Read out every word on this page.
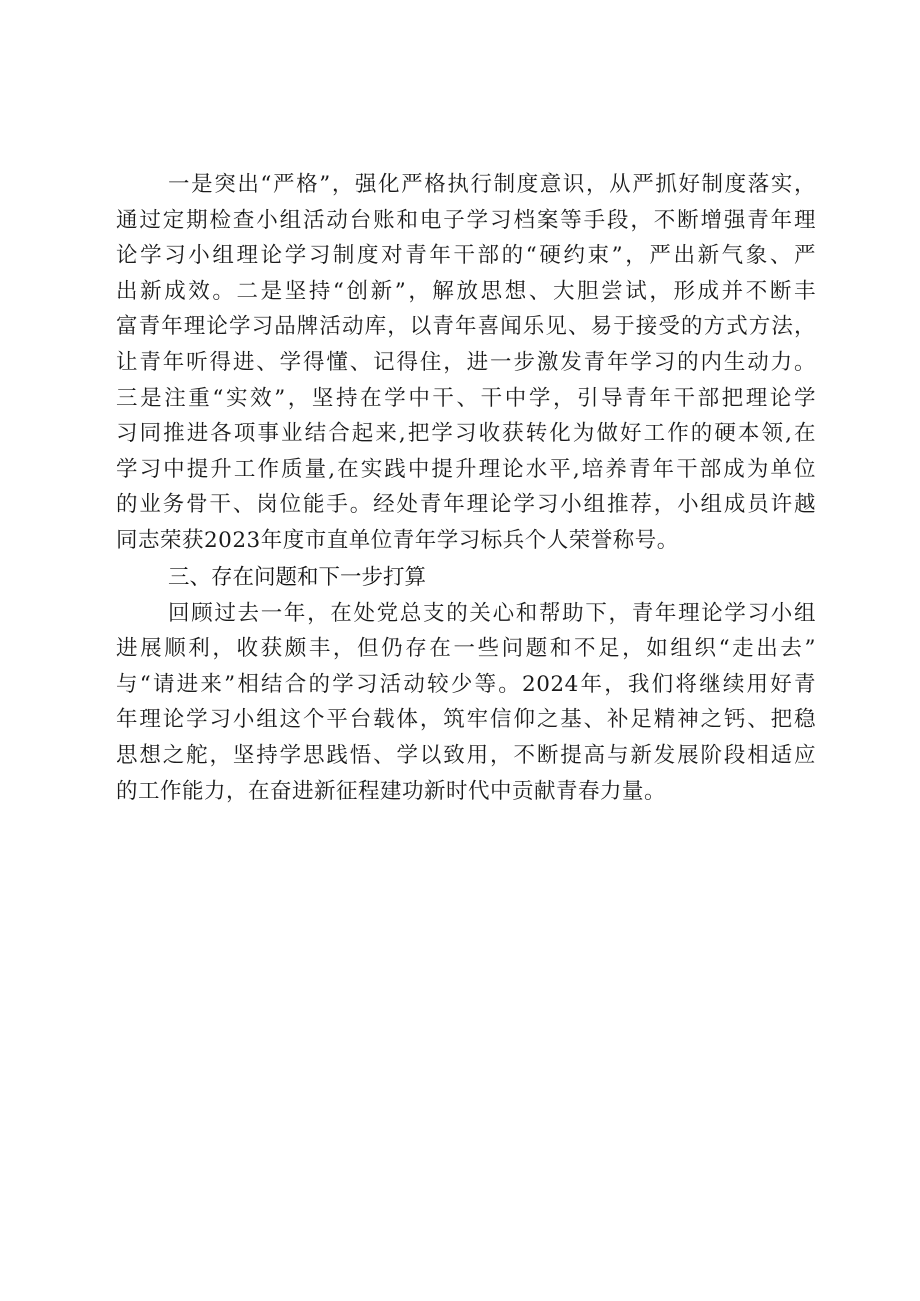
一是突出“严格”，强化严格执行制度意识，从严抓好制度落实，
通过定期检查小组活动台账和电子学习档案等手段，不断增强青年理
论学习小组理论学习制度对青年干部的“硬约束”，严出新气象、严
出新成效。二是坚持“创新”，解放思想、大胆尝试，形成并不断丰
富青年理论学习品牌活动库，以青年喜闻乐见、易于接受的方式方法，
让青年听得进、学得懂、记得住，进一步激发青年学习的内生动力。
三是注重“实效”，坚持在学中干、干中学，引导青年干部把理论学
习同推进各项事业结合起来,把学习收获转化为做好工作的硬本领,在
学习中提升工作质量,在实践中提升理论水平,培养青年干部成为单位
的业务骨干、岗位能手。经处青年理论学习小组推荐，小组成员许越
同志荣获2023年度市直单位青年学习标兵个人荣誉称号。
三、存在问题和下一步打算
回顾过去一年，在处党总支的关心和帮助下，青年理论学习小组
进展顺利，收获颇丰，但仍存在一些问题和不足，如组织“走出去”
与“请进来”相结合的学习活动较少等。2024年，我们将继续用好青
年理论学习小组这个平台载体，筑牢信仰之基、补足精神之钙、把稳
思想之舵，坚持学思践悟、学以致用，不断提高与新发展阶段相适应
的工作能力，在奋进新征程建功新时代中贡献青春力量。
